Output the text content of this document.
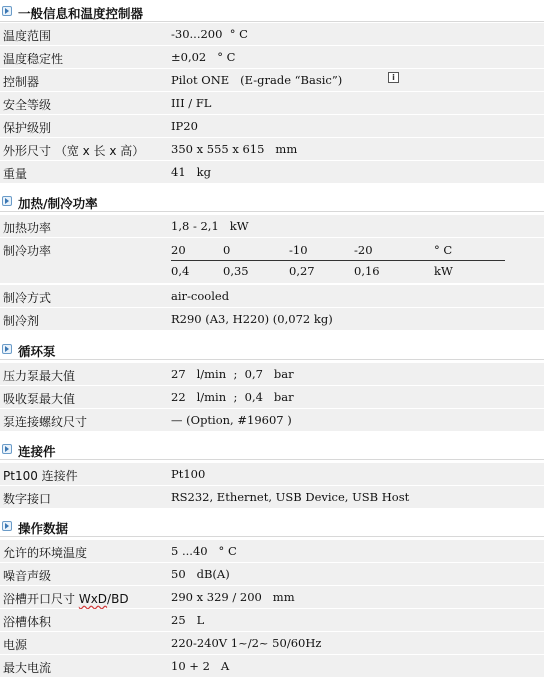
一般信息和温度控制器
温度范围	-30...200  ° C
温度稳定性	±0,02   ° C
控制器	Pilot ONE   (E-grade “Basic”)	i
安全等级	III / FL
保护级别	IP20
外形尺寸 （宽 x 长 x 高）	350 x 555 x 615   mm
重量	41   kg
加热/制冷功率
加热功率	1,8 - 2,1   kW
制冷功率	20	0	-10	-20	° C
0,4	0,35	0,27	0,16	kW
制冷方式	air-cooled
制冷剂	R290 (A3, H220) (0,072 kg)
循环泵
压力泵最大值	27   l/min  ;  0,7   bar
吸收泵最大值	22   l/min  ;  0,4   bar
泵连接螺纹尺寸	— (Option, #19607 )
连接件
Pt100 连接件	Pt100
数字接口	RS232, Ethernet, USB Device, USB Host
操作数据
允许的环境温度	5 ...40   ° C
噪音声级	50   dB(A)
浴槽开口尺寸 WxD/BD	290 x 329 / 200   mm
浴槽体积	25   L
电源	220-240V 1~/2~ 50/60Hz
最大电流	10 + 2   A
